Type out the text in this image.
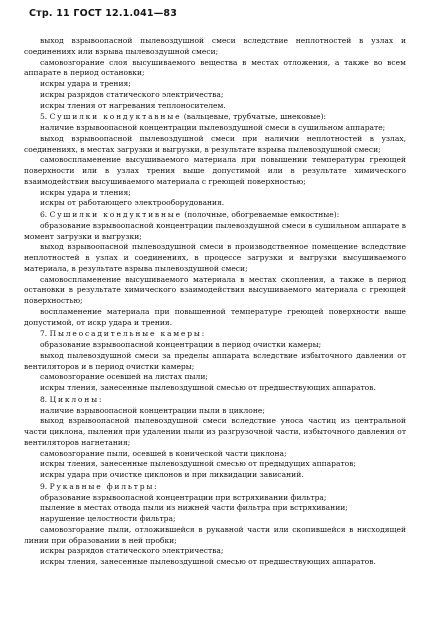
Стр. 11 ГОСТ 12.1.041—83

выход взрывоопасной пылевоздушной смеси вследствие неплотностей в узлах и соединениях или взрыва пылевоздушной смеси;

самовозгорание слоя высушиваемого вещества в местах отложения, а также во всем аппарате в период остановки;

искры удара и трения;

искры разрядов статического электричества;

искры тления от нагревания теплоносителем.

5. Сушилки кондуктавные (вальцевые, трубчатые, шнековые):

наличие взрывоопасной концентрации пылевоздушной смеси в сушильном аппарате;

выход взрывоопасной пылевоздушной смеси при наличии неплотностей в узлах, соединениях, в местах загрузки и выгрузки, в результате взрыва пылевоздушной смеси;

самовоспламенение высушиваемого материала при повышении температуры греющей поверхности или в узлах трения выше допустимой или в результате химического взаимодействия высушиваемого материала с греющей поверхностью;

искры удара и тления;

искры от работающего электрооборудования.

6. Сушилки кондуктивные (полочные, обогреваемые емкостные):

образование взрывоопасной концентрации пылевоздушной смеси в сушильном аппарате в момент загрузки и выгрузки;

выход взрывоопасной пылевоздушной смеси в производственное помещение вследствие неплотностей в узлах и соединениях, в процессе загрузки и выгрузки высушиваемого материала, в результате взрыва пылевоздушной смеси;

самовоспламенение высушиваемого материала в местах скопления, а также в период остановки в результате химического взаимодействия высушиваемого материала с греющей поверхностью;

воспламенение материала при повышенной температуре греющей поверхности выше допустимой, от искр удара и трения.

7. Пылеосадительные камеры:

образование взрывоопасной концентрации в период очистки камеры;

выход пылевоздушной смеси за пределы аппарата вследствие избыточного давления от вентиляторов и в период очистки камеры;

самовозгорание осевшей на листах пыли;

искры тления, занесенные пылевоздушной смесью от предшествующих аппаратов.

8. Циклоны:

наличие взрывоопасной концентрации пыли в циклоне;

выход взрывоопасной пылевоздушной смеси вследствие уноса частиц из центральной части циклона, пыления при удалении пыли из разгрузочной части, избыточного давления от вентиляторов нагнетания;

самовозгорание пыли, осевшей в конической части циклона;

искры тления, занесенные пылевоздушной смесью от предыдущих аппаратов;

искры удара при очистке циклонов и при ликвидации зависаний.

9. Рукавные фильтры:

образование взрывоопасной концентрации при встряхивании фильтра;

пыление в местах отвода пыли из нижней части фильтра при встряхивании;

нарушение целостности фильтра;

самовозгорание пыли, отложившейся в рукавной части или скопившейся в нисходящей линии при образовании в ней пробки;

искры разрядов статического электричества;

искры тления, занесенные пылевоздушной смесью от предшествующих аппаратов.
